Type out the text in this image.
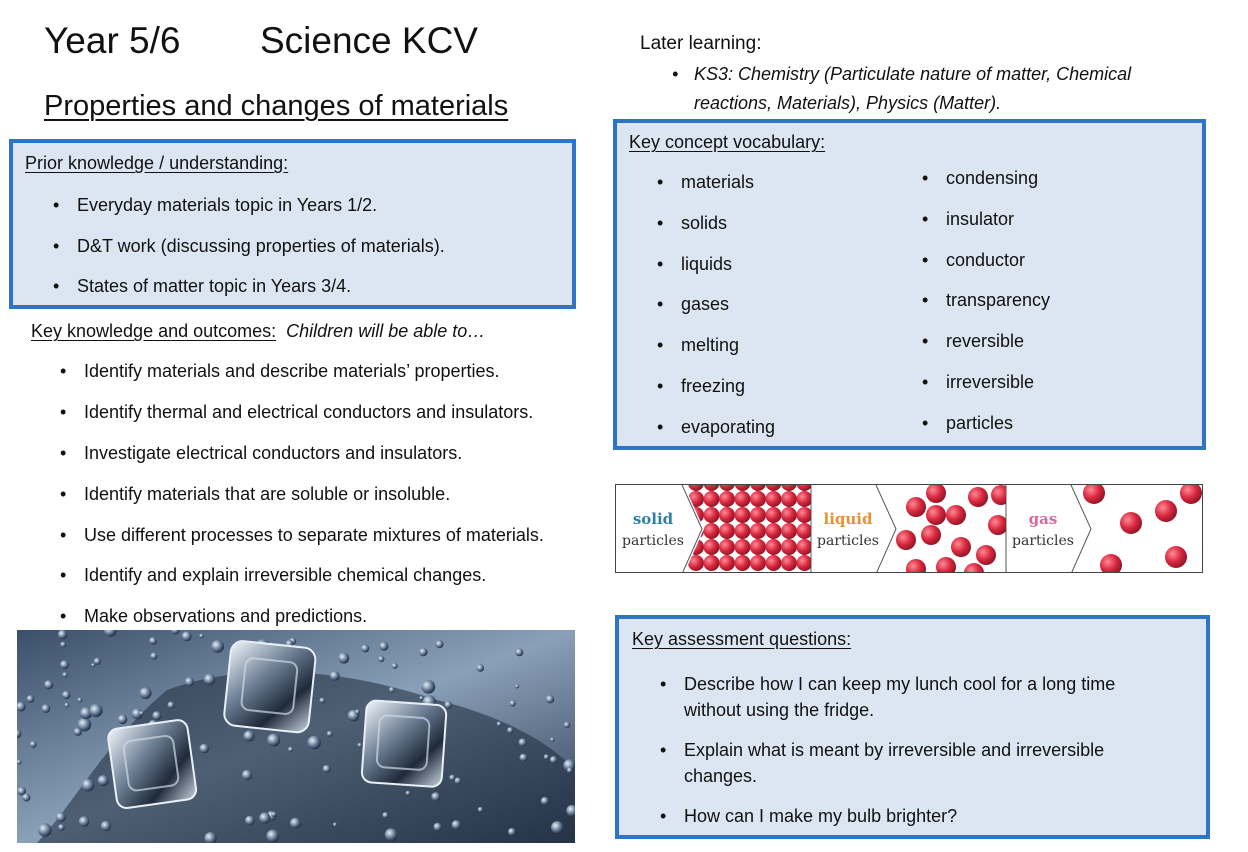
Year 5/6 Science KCV
Properties and changes of materials
Prior knowledge / understanding:
• Everyday materials topic in Years 1/2.
• D&T work (discussing properties of materials).
• States of matter topic in Years 3/4.
Key knowledge and outcomes: Children will be able to…
• Identify materials and describe materials’ properties.
• Identify thermal and electrical conductors and insulators.
• Investigate electrical conductors and insulators.
• Identify materials that are soluble or insoluble.
• Use different processes to separate mixtures of materials.
• Identify and explain irreversible chemical changes.
• Make observations and predictions.
Later learning:
• KS3: Chemistry (Particulate nature of matter, Chemical reactions, Materials), Physics (Matter).
Key concept vocabulary:
• materials
• solids
• liquids
• gases
• melting
• freezing
• evaporating
• condensing
• insulator
• conductor
• transparency
• reversible
• irreversible
• particles
solid
particles
liquid
particles
gas
particles
Key assessment questions:
• Describe how I can keep my lunch cool for a long time without using the fridge.
• Explain what is meant by irreversible and irreversible changes.
• How can I make my bulb brighter?
